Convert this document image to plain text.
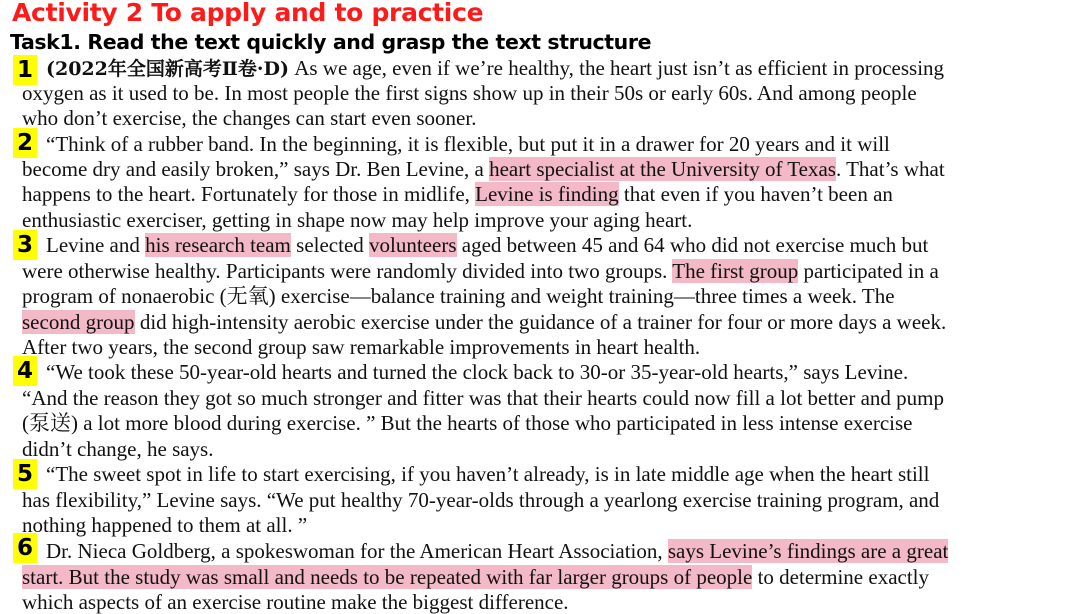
Activity 2 To apply and to practice
Task1. Read the text quickly and grasp the text structure
1
2
3
4
5
6
(2022年全国新高考Ⅱ卷·D) As we age, even if we’re healthy, the heart just isn’t as efficient in processing
oxygen as it used to be. In most people the first signs show up in their 50s or early 60s. And among people
who don’t exercise, the changes can start even sooner.
“Think of a rubber band. In the beginning, it is flexible, but put it in a drawer for 20 years and it will
become dry and easily broken,” says Dr. Ben Levine, a heart specialist at the University of Texas. That’s what
happens to the heart. Fortunately for those in midlife, Levine is finding that even if you haven’t been an
enthusiastic exerciser, getting in shape now may help improve your aging heart.
Levine and his research team selected volunteers aged between 45 and 64 who did not exercise much but
were otherwise healthy. Participants were randomly divided into two groups. The first group participated in a
program of nonaerobic (无氧) exercise—balance training and weight training—three times a week. The
second group did high-intensity aerobic exercise under the guidance of a trainer for four or more days a week.
After two years, the second group saw remarkable improvements in heart health.
“We took these 50-year-old hearts and turned the clock back to 30-or 35-year-old hearts,” says Levine.
“And the reason they got so much stronger and fitter was that their hearts could now fill a lot better and pump
(泵送) a lot more blood during exercise. ” But the hearts of those who participated in less intense exercise
didn’t change, he says.
“The sweet spot in life to start exercising, if you haven’t already, is in late middle age when the heart still
has flexibility,” Levine says. “We put healthy 70-year-olds through a yearlong exercise training program, and
nothing happened to them at all. ”
Dr. Nieca Goldberg, a spokeswoman for the American Heart Association, says Levine’s findings are a great
start. But the study was small and needs to be repeated with far larger groups of people to determine exactly
which aspects of an exercise routine make the biggest difference.
